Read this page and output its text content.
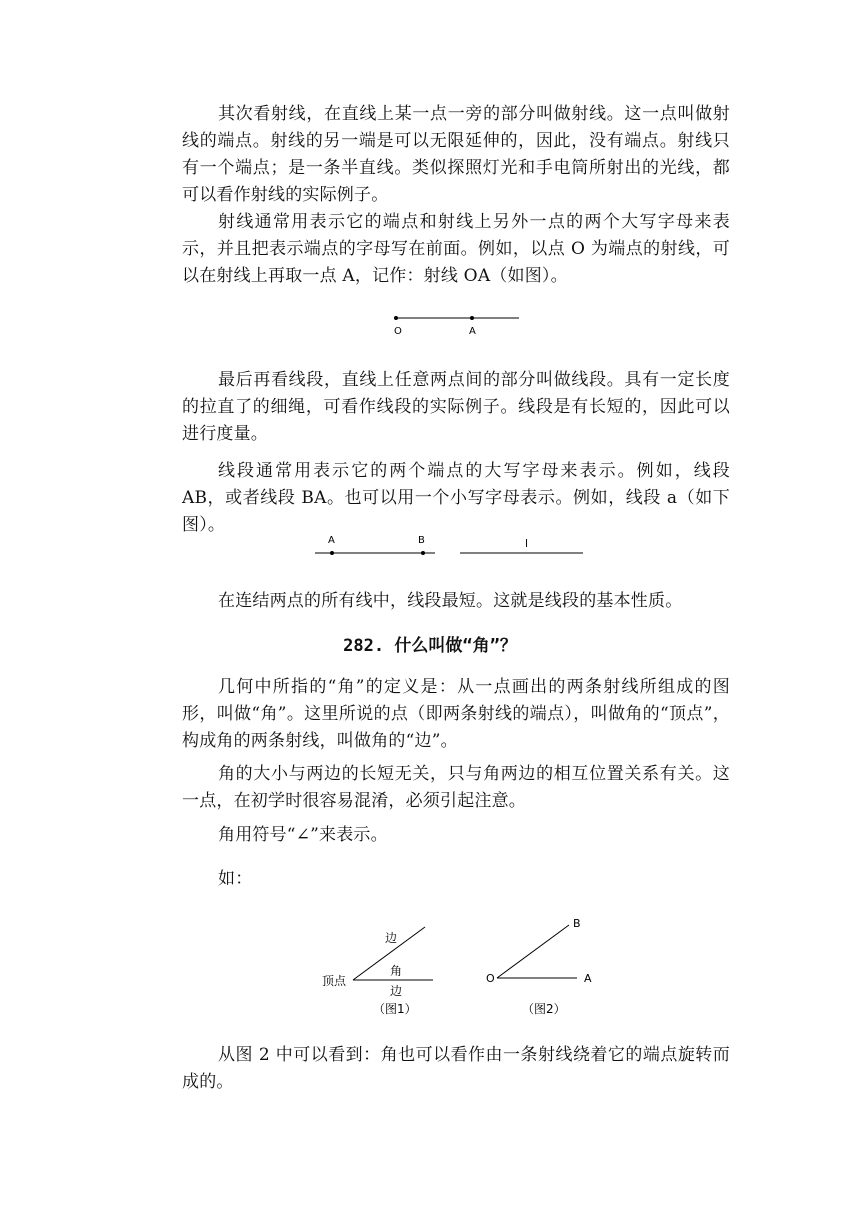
其次看射线，在直线上某一点一旁的部分叫做射线。这一点叫做射线的端点。射线的另一端是可以无限延伸的，因此，没有端点。射线只有一个端点；是一条半直线。类似探照灯光和手电筒所射出的光线，都可以看作射线的实际例子。

射线通常用表示它的端点和射线上另外一点的两个大写字母来表示，并且把表示端点的字母写在前面。例如，以点 O 为端点的射线，可以在射线上再取一点 A，记作：射线 OA（如图）。

O	A

最后再看线段，直线上任意两点间的部分叫做线段。具有一定长度的拉直了的细绳，可看作线段的实际例子。线段是有长短的，因此可以进行度量。

线段通常用表示它的两个端点的大写字母来表示。例如，线段 AB，或者线段 BA。也可以用一个小写字母表示。例如，线段 a（如下图）。

A	B	l

在连结两点的所有线中，线段最短。这就是线段的基本性质。

282. 什么叫做“角”？

几何中所指的“角”的定义是：从一点画出的两条射线所组成的图形，叫做“角”。这里所说的点（即两条射线的端点），叫做角的“顶点”，构成角的两条射线，叫做角的“边”。

角的大小与两边的长短无关，只与角两边的相互位置关系有关。这一点，在初学时很容易混淆，必须引起注意。

角用符号“∠”来表示。

如：

边
角
顶点
边
（图1）
B
O	A
（图2）

从图 2 中可以看到：角也可以看作由一条射线绕着它的端点旋转而成的。
